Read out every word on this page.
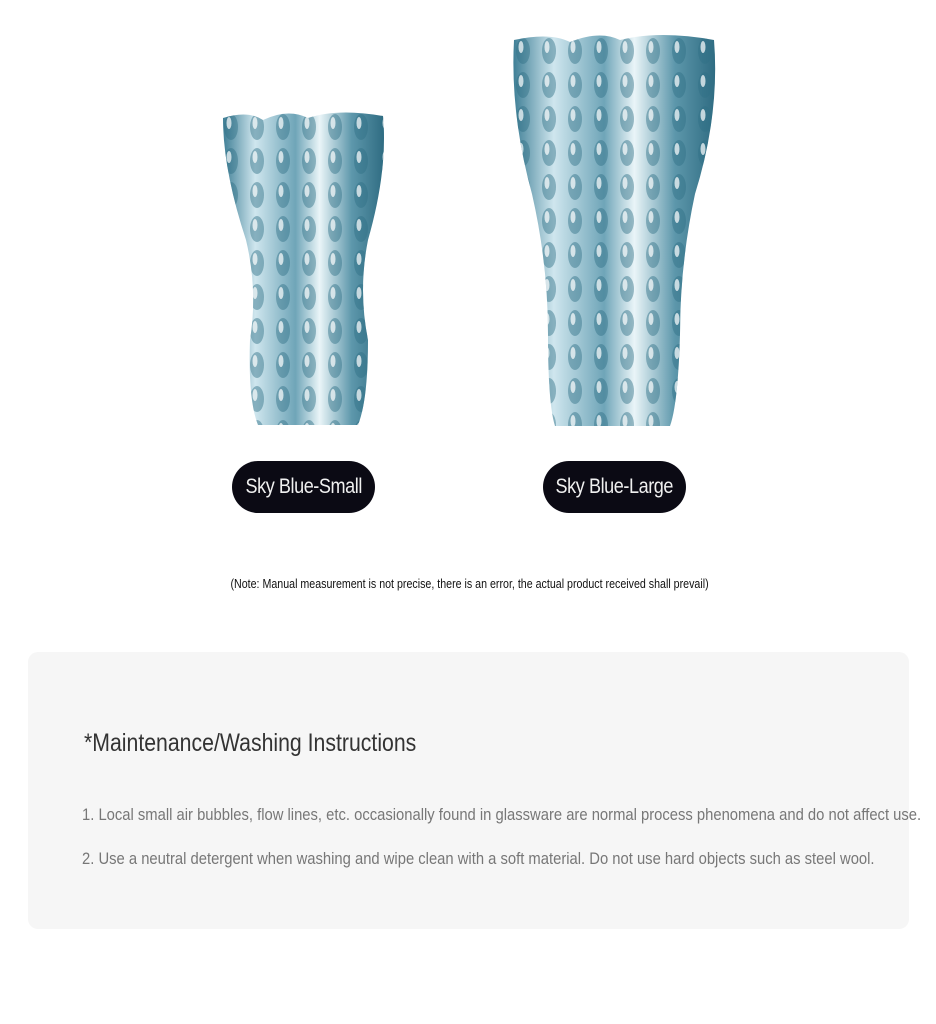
Sky Blue-Small	Sky Blue-Large
(Note: Manual measurement is not precise, there is an error, the actual product received shall prevail)
*Maintenance/Washing Instructions
1. Local small air bubbles, flow lines, etc. occasionally found in glassware are normal process phenomena and do not affect use.
2. Use a neutral detergent when washing and wipe clean with a soft material. Do not use hard objects such as steel wool.
